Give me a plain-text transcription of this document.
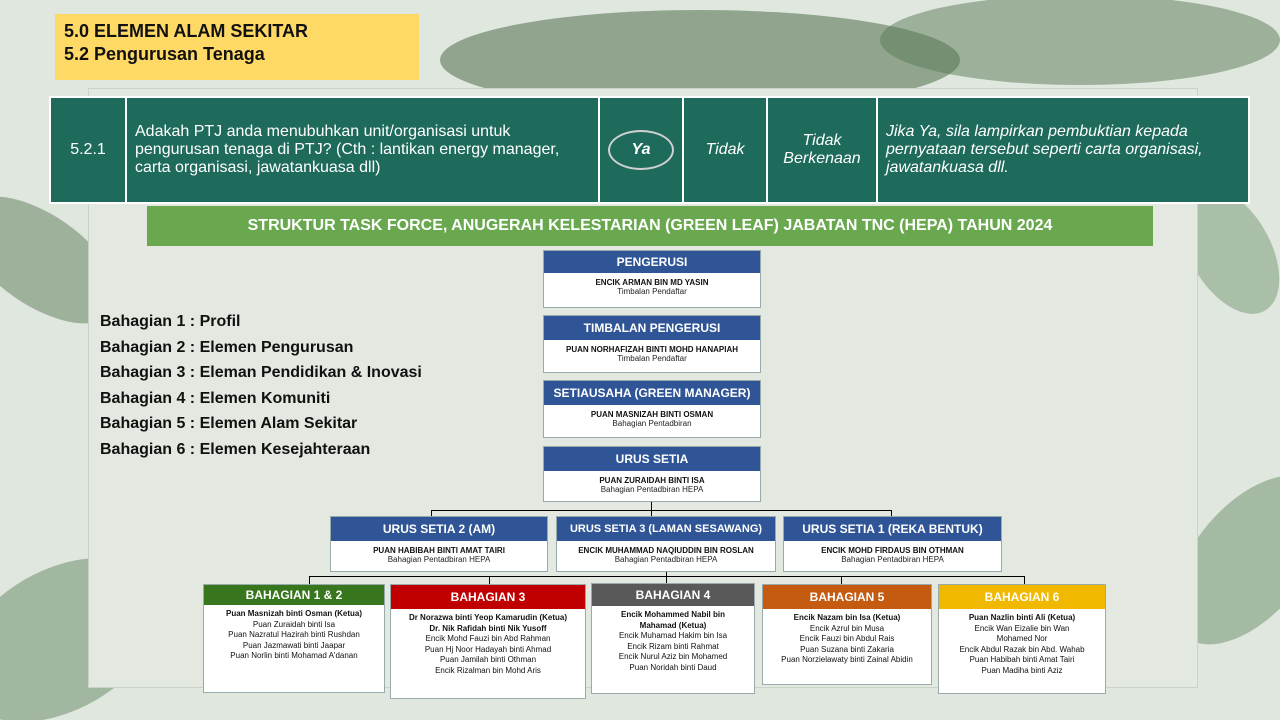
5.0 ELEMEN ALAM SEKITAR
5.2 Pengurusan Tenaga
5.2.1	Adakah PTJ anda menubuhkan unit/organisasi untuk pengurusan tenaga di PTJ? (Cth : lantikan energy manager, carta organisasi, jawatankuasa dll)	Ya	Tidak	Tidak Berkenaan	Jika Ya, sila lampirkan pembuktian kepada pernyataan tersebut seperti carta organisasi, jawatankuasa dll.
STRUKTUR TASK FORCE, ANUGERAH KELESTARIAN (GREEN LEAF) JABATAN TNC (HEPA) TAHUN 2024
Bahagian 1 : Profil
Bahagian 2 : Elemen Pengurusan
Bahagian 3 : Eleman Pendidikan & Inovasi
Bahagian 4 : Elemen Komuniti
Bahagian 5 : Elemen Alam Sekitar
Bahagian 6 : Elemen Kesejahteraan
PENGERUSI
ENCIK ARMAN BIN MD YASIN
Timbalan Pendaftar
TIMBALAN PENGERUSI
PUAN NORHAFIZAH BINTI MOHD HANAPIAH
Timbalan Pendaftar
SETIAUSAHA (GREEN MANAGER)
PUAN MASNIZAH BINTI OSMAN
Bahagian Pentadbiran
URUS SETIA
PUAN ZURAIDAH BINTI ISA
Bahagian Pentadbiran HEPA
URUS SETIA 2 (AM)
PUAN HABIBAH BINTI AMAT TAIRI
Bahagian Pentadbiran HEPA
URUS SETIA 3 (LAMAN SESAWANG)
ENCIK MUHAMMAD NAQIUDDIN BIN ROSLAN
Bahagian Pentadbiran HEPA
URUS SETIA 1 (REKA BENTUK)
ENCIK MOHD FIRDAUS BIN OTHMAN
Bahagian Pentadbiran HEPA
BAHAGIAN 1 & 2
Puan Masnizah binti Osman (Ketua)
Puan Zuraidah binti Isa
Puan Nazratul Hazirah binti Rushdan
Puan Jazmawati binti Jaapar
Puan Norlin binti Mohamad A'danan
BAHAGIAN 3
Dr Norazwa binti Yeop Kamarudin (Ketua)
Dr. Nik Rafidah binti Nik Yusoff
Encik Mohd Fauzi bin Abd Rahman
Puan Hj Noor Hadayah binti Ahmad
Puan Jamilah binti Othman
Encik Rizalman bin Mohd Aris
BAHAGIAN 4
Encik Mohammed Nabil bin
Mahamad (Ketua)
Encik Muhamad Hakim bin Isa
Encik Rizam binti Rahmat
Encik Nurul Aziz bin Mohamed
Puan Noridah binti Daud
BAHAGIAN 5
Encik Nazam bin Isa (Ketua)
Encik Azrul bin Musa
Encik Fauzi bin Abdul Rais
Puan Suzana binti Zakaria
Puan Norzielawaty binti Zainal Abidin
BAHAGIAN 6
Puan Nazlin binti Ali (Ketua)
Encik Wan Eizalie bin Wan
Mohamed Nor
Encik Abdul Razak bin Abd. Wahab
Puan Habibah binti Amat Tairi
Puan Madiha binti Aziz
